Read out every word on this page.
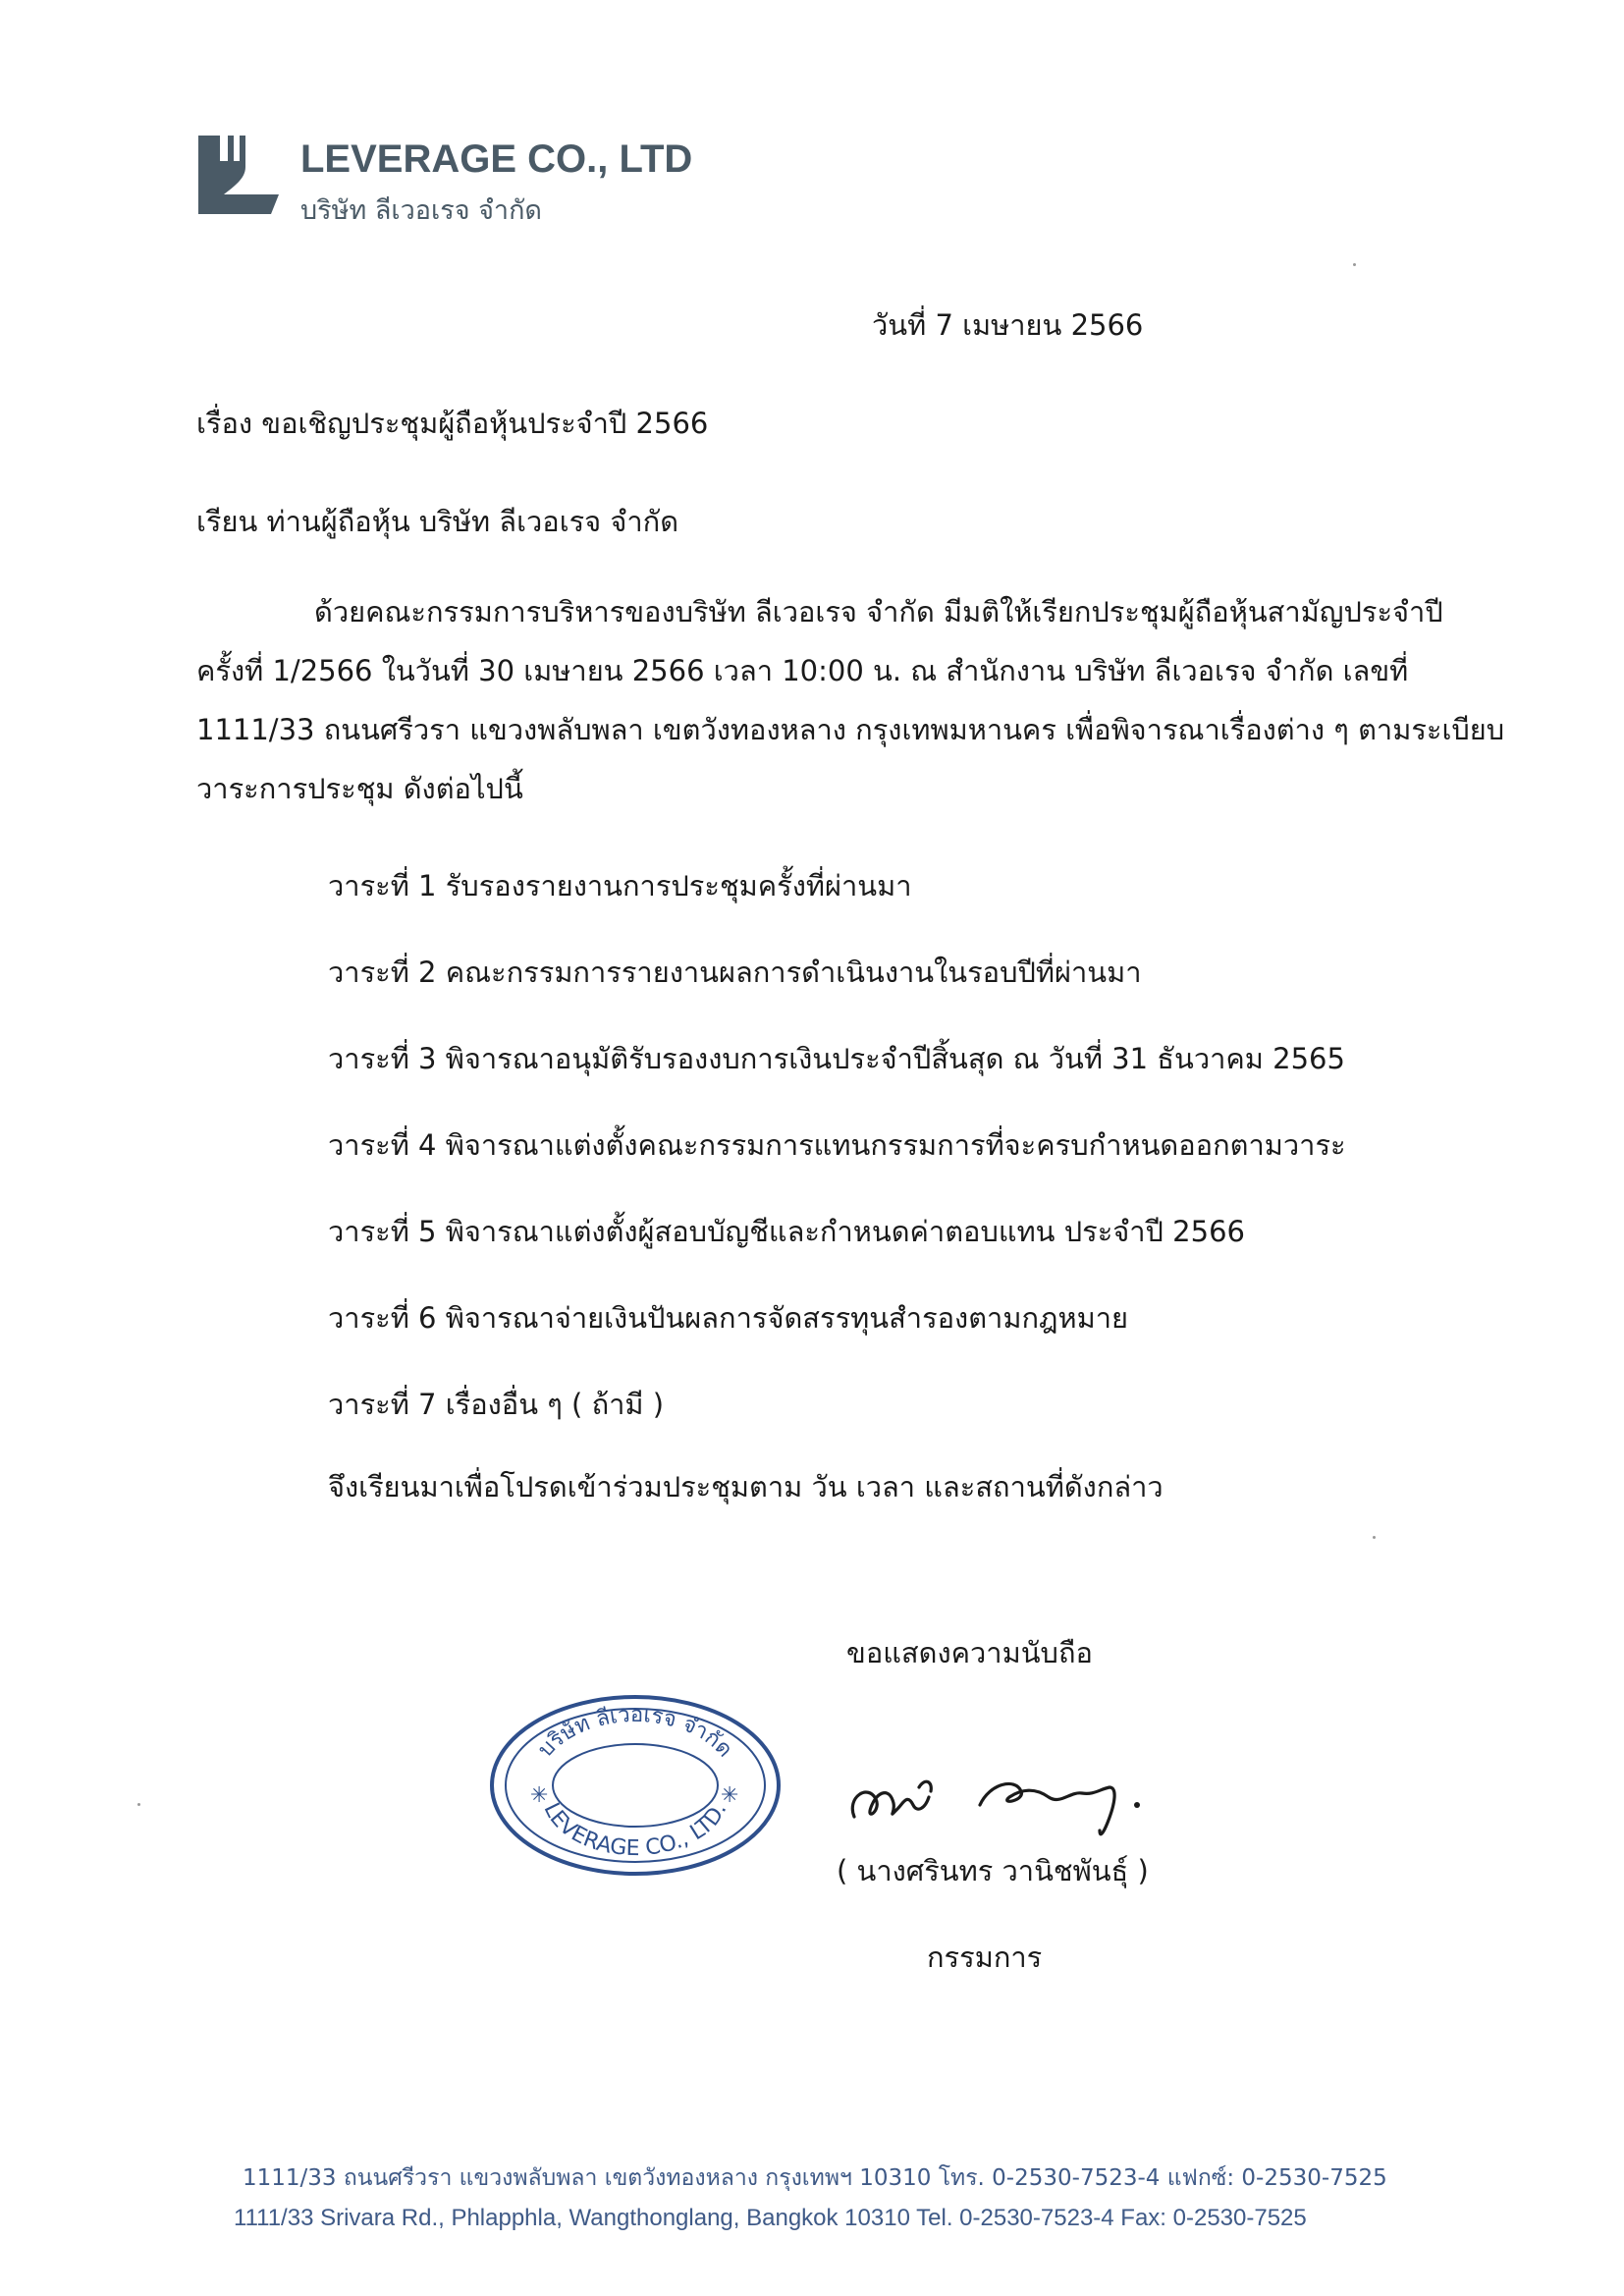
LEVERAGE CO., LTD
บริษัท ลีเวอเรจ จำกัด
วันที่ 7 เมษายน 2566
เรื่อง ขอเชิญประชุมผู้ถือหุ้นประจำปี 2566
เรียน ท่านผู้ถือหุ้น บริษัท ลีเวอเรจ จำกัด
ด้วยคณะกรรมการบริหารของบริษัท ลีเวอเรจ จำกัด มีมติให้เรียกประชุมผู้ถือหุ้นสามัญประจำปี
ครั้งที่ 1/2566 ในวันที่ 30 เมษายน 2566 เวลา 10:00 น. ณ สำนักงาน บริษัท ลีเวอเรจ จำกัด เลขที่
1111/33 ถนนศรีวรา แขวงพลับพลา เขตวังทองหลาง กรุงเทพมหานคร เพื่อพิจารณาเรื่องต่าง ๆ ตามระเบียบ
วาระการประชุม ดังต่อไปนี้
วาระที่ 1 รับรองรายงานการประชุมครั้งที่ผ่านมา
วาระที่ 2 คณะกรรมการรายงานผลการดำเนินงานในรอบปีที่ผ่านมา
วาระที่ 3 พิจารณาอนุมัติรับรองงบการเงินประจำปีสิ้นสุด ณ วันที่ 31 ธันวาคม 2565
วาระที่ 4 พิจารณาแต่งตั้งคณะกรรมการแทนกรรมการที่จะครบกำหนดออกตามวาระ
วาระที่ 5 พิจารณาแต่งตั้งผู้สอบบัญชีและกำหนดค่าตอบแทน ประจำปี 2566
วาระที่ 6 พิจารณาจ่ายเงินปันผลการจัดสรรทุนสำรองตามกฎหมาย
วาระที่ 7 เรื่องอื่น ๆ ( ถ้ามี )
จึงเรียนมาเพื่อโปรดเข้าร่วมประชุมตาม วัน เวลา และสถานที่ดังกล่าว
ขอแสดงความนับถือ
บริษัท ลีเวอเรจ จำกัด
LEVERAGE CO., LTD.
✳	✳
( นางศรินทร วานิชพันธุ์ )
กรรมการ
1111/33 ถนนศรีวรา แขวงพลับพลา เขตวังทองหลาง กรุงเทพฯ 10310 โทร. 0-2530-7523-4 แฟกซ์: 0-2530-7525
1111/33 Srivara Rd., Phlapphla, Wangthonglang, Bangkok 10310 Tel. 0-2530-7523-4 Fax: 0-2530-7525
